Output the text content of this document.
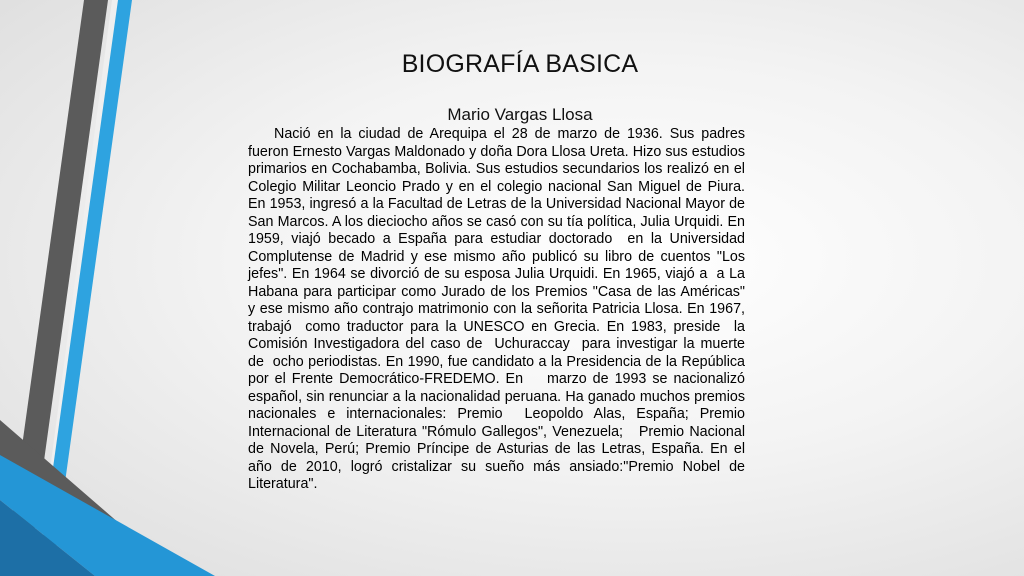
BIOGRAFÍA BASICA
Mario Vargas Llosa

Nació en la ciudad de Arequipa el 28 de marzo de 1936. Sus padres fueron Ernesto Vargas Maldonado y doña Dora Llosa Ureta. Hizo sus estudios primarios en Cochabamba, Bolivia. Sus estudios secundarios los realizó en el Colegio Militar Leoncio Prado y en el colegio nacional San Miguel de Piura. En 1953, ingresó a la Facultad de Letras de la Universidad Nacional Mayor de San Marcos. A los dieciocho años se casó con su tía política, Julia Urquidi. En 1959, viajó becado a España para estudiar doctorado  en la Universidad Complutense de Madrid y ese mismo año publicó su libro de cuentos "Los jefes". En 1964 se divorció de su esposa Julia Urquidi. En 1965, viajó a  a La Habana para participar como Jurado de los Premios "Casa de las Américas"  y ese mismo año contrajo matrimonio con la señorita Patricia Llosa. En 1967, trabajó  como traductor para la UNESCO en Grecia. En 1983, preside  la Comisión Investigadora del caso de  Uchuraccay  para investigar la muerte  de  ocho periodistas. En 1990, fue candidato a la Presidencia de la República por el Frente Democrático-FREDEMO. En    marzo de 1993 se nacionalizó español, sin renunciar a la nacionalidad peruana. Ha ganado muchos premios nacionales e internacionales: Premio  Leopoldo Alas, España; Premio Internacional de Literatura "Rómulo Gallegos", Venezuela;   Premio Nacional de Novela, Perú; Premio Príncipe de Asturias de las Letras, España. En el año de 2010, logró cristalizar su sueño más ansiado:"Premio Nobel de Literatura".
